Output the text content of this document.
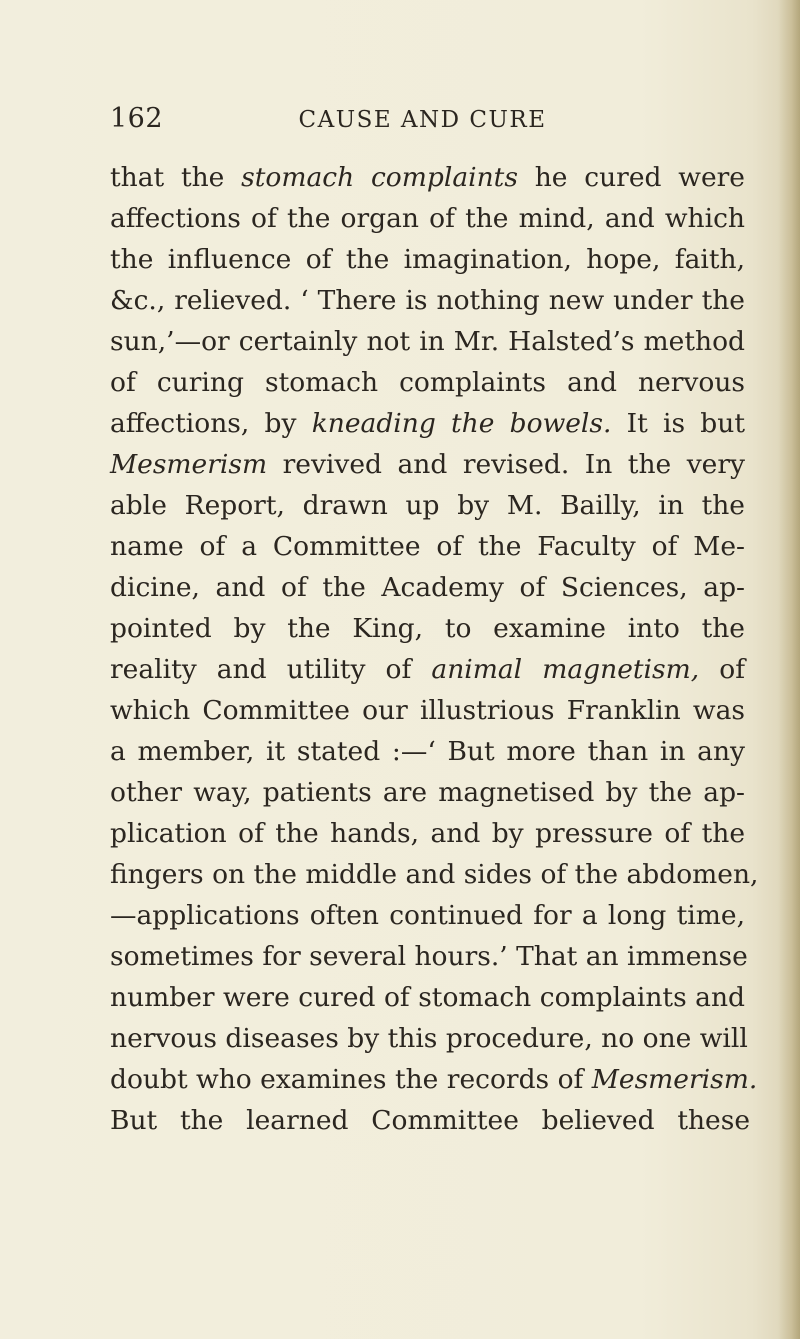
162	CAUSE AND CURE
that the stomach complaints he cured were
affections of the organ of the mind, and which
the influence of the imagination, hope, faith,
&c., relieved. ‘ There is nothing new under the
sun,’—or certainly not in Mr. Halsted’s method
of curing stomach complaints and nervous
affections, by kneading the bowels. It is but
Mesmerism revived and revised. In the very
able Report, drawn up by M. Bailly, in the
name of a Committee of the Faculty of Me-
dicine, and of the Academy of Sciences, ap-
pointed by the King, to examine into the
reality and utility of animal magnetism, of
which Committee our illustrious Franklin was
a member, it stated :—‘ But more than in any
other way, patients are magnetised by the ap-
plication of the hands, and by pressure of the
fingers on the middle and sides of the abdomen,
—applications often continued for a long time,
sometimes for several hours.’ That an immense
number were cured of stomach complaints and
nervous diseases by this procedure, no one will
doubt who examines the records of Mesmerism.
But the learned Committee believed these
